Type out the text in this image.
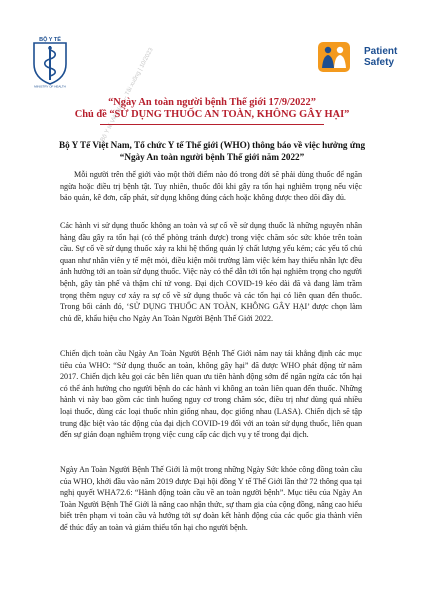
BỘ Y TẾ
MINISTRY OF HEALTH
Patient
Safety
Bộ Y tế Việt Nam – Tải xuống | 10/2023
“Ngày An toàn người bệnh Thế giới 17/9/2022”
Chủ đề “SỬ DỤNG THUỐC AN TOÀN, KHÔNG GÂY HẠI”
Bộ Y Tế Việt Nam, Tổ chức Y tế Thế giới (WHO) thông báo về việc hưởng ứng
“Ngày An toàn người bệnh Thế giới năm 2022”
Mỗi người trên thế giới vào một thời điểm nào đó trong đời sẽ phải dùng thuốc để ngăn ngừa hoặc điều trị bệnh tật. Tuy nhiên, thuốc đôi khi gây ra tổn hại nghiêm trọng nếu việc bảo quản, kê đơn, cấp phát, sử dụng không đúng cách hoặc không được theo dõi đầy đủ.
Các hành vi sử dụng thuốc không an toàn và sự cố về sử dụng thuốc là những nguyên nhân hàng đầu gây ra tổn hại (có thể phòng tránh được) trong việc chăm sóc sức khỏe trên toàn cầu. Sự cố về sử dụng thuốc xảy ra khi hệ thống quản lý chất lượng yếu kém; các yếu tố chủ quan như nhân viên y tế mệt mỏi, điều kiện môi trường làm việc kém hay thiếu nhân lực đều ảnh hưởng tới an toàn sử dụng thuốc. Việc này có thể dẫn tới tổn hại nghiêm trọng cho người bệnh, gây tàn phế và thậm chí tử vong. Đại dịch COVID-19 kéo dài đã và đang làm trầm trọng thêm nguy cơ xảy ra sự cố về sử dụng thuốc và các tổn hại có liên quan đến thuốc. Trong bối cảnh đó, ‘SỬ DỤNG THUỐC AN TOÀN, KHÔNG GÂY HẠI’ được chọn làm chủ đề, khẩu hiệu cho Ngày An Toàn Người Bệnh Thế Giới 2022.
Chiến dịch toàn cầu Ngày An Toàn Người Bệnh Thế Giới năm nay tái khẳng định các mục tiêu của WHO: “Sử dụng thuốc an toàn, không gây hại” đã được WHO phát động từ năm 2017. Chiến dịch kêu gọi các bên liên quan ưu tiên hành động sớm để ngăn ngừa các tổn hại có thể ảnh hưởng cho người bệnh do các hành vi không an toàn liên quan đến thuốc. Những hành vi này bao gồm các tình huống nguy cơ trong chăm sóc, điều trị như dùng quá nhiều loại thuốc, dùng các loại thuốc nhìn giống nhau, đọc giống nhau (LASA). Chiến dịch sẽ tập trung đặc biệt vào tác động của đại dịch COVID-19 đối với an toàn sử dụng thuốc, liên quan đến sự gián đoạn nghiêm trọng việc cung cấp các dịch vụ y tế trong đại dịch.
Ngày An Toàn Người Bệnh Thế Giới là một trong những Ngày Sức khỏe công đồng toàn cầu của WHO, khởi đầu vào năm 2019 được Đại hội đồng Y tế Thế Giới lần thứ 72 thông qua tại nghị quyết WHA72.6: “Hành động toàn cầu về an toàn người bệnh”. Mục tiêu của Ngày An Toàn Người Bệnh Thế Giới là nâng cao nhận thức, sự tham gia của cộng đồng, nâng cao hiểu biết trên phạm vi toàn cầu và hướng tới sự đoàn kết hành động của các quốc gia thành viên để thúc đẩy an toàn và giảm thiểu tổn hại cho người bệnh.
